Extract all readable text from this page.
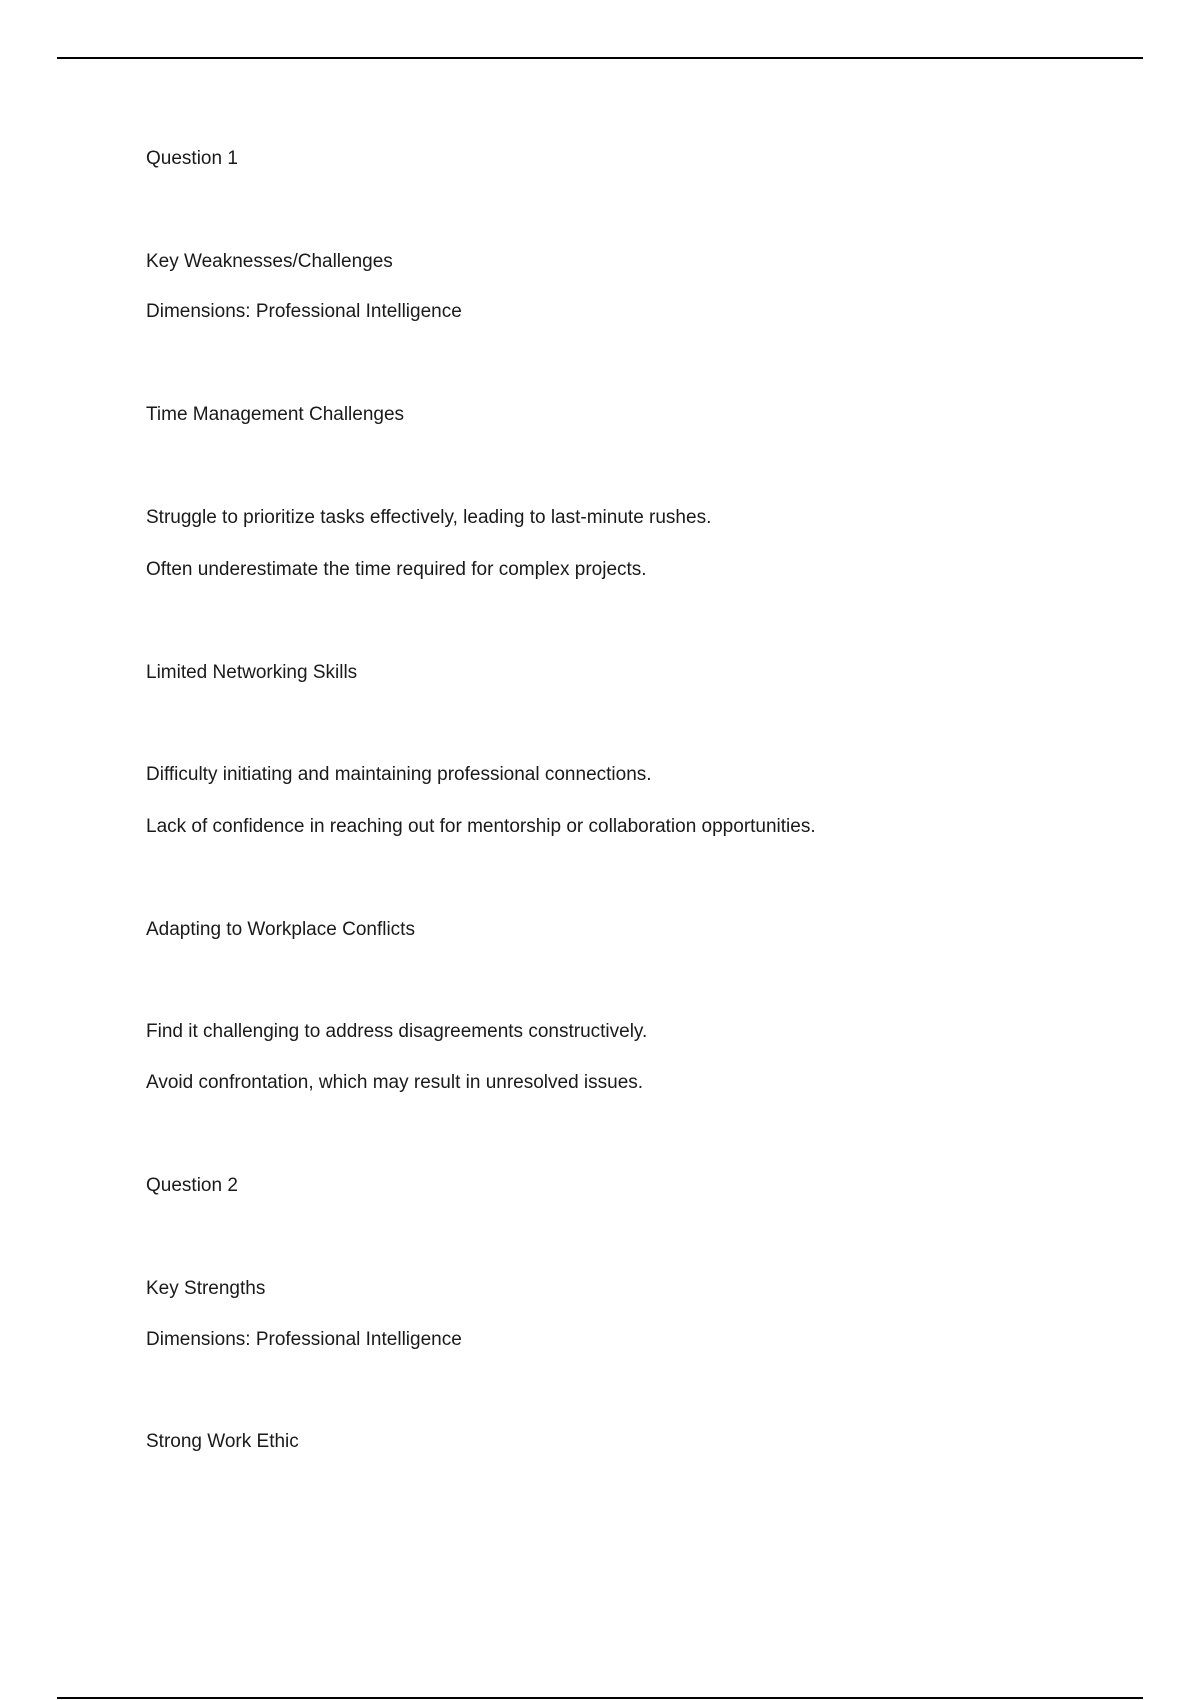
Question 1
Key Weaknesses/Challenges
Dimensions: Professional Intelligence
Time Management Challenges
Struggle to prioritize tasks effectively, leading to last-minute rushes.
Often underestimate the time required for complex projects.
Limited Networking Skills
Difficulty initiating and maintaining professional connections.
Lack of confidence in reaching out for mentorship or collaboration opportunities.
Adapting to Workplace Conflicts
Find it challenging to address disagreements constructively.
Avoid confrontation, which may result in unresolved issues.
Question 2
Key Strengths
Dimensions: Professional Intelligence
Strong Work Ethic
